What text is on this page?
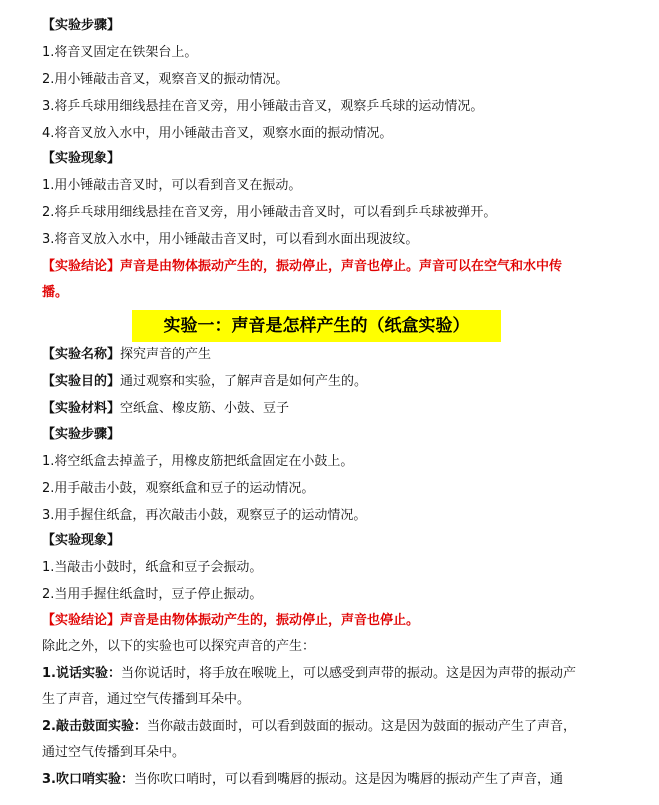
【实验步骤】
1.将音叉固定在铁架台上。
2.用小锤敲击音叉，观察音叉的振动情况。
3.将乒乓球用细线悬挂在音叉旁，用小锤敲击音叉，观察乒乓球的运动情况。
4.将音叉放入水中，用小锤敲击音叉，观察水面的振动情况。
【实验现象】
1.用小锤敲击音叉时，可以看到音叉在振动。
2.将乒乓球用细线悬挂在音叉旁，用小锤敲击音叉时，可以看到乒乓球被弹开。
3.将音叉放入水中，用小锤敲击音叉时，可以看到水面出现波纹。
【实验结论】声音是由物体振动产生的，振动停止，声音也停止。声音可以在空气和水中传
播。
实验一：声音是怎样产生的（纸盒实验）
【实验名称】探究声音的产生
【实验目的】通过观察和实验，了解声音是如何产生的。
【实验材料】空纸盒、橡皮筋、小鼓、豆子
【实验步骤】
1.将空纸盒去掉盖子，用橡皮筋把纸盒固定在小鼓上。
2.用手敲击小鼓，观察纸盒和豆子的运动情况。
3.用手握住纸盒，再次敲击小鼓，观察豆子的运动情况。
【实验现象】
1.当敲击小鼓时，纸盒和豆子会振动。
2.当用手握住纸盒时，豆子停止振动。
【实验结论】声音是由物体振动产生的，振动停止，声音也停止。
除此之外，以下的实验也可以探究声音的产生：
1.说话实验：当你说话时，将手放在喉咙上，可以感受到声带的振动。这是因为声带的振动产
生了声音，通过空气传播到耳朵中。
2.敲击鼓面实验：当你敲击鼓面时，可以看到鼓面的振动。这是因为鼓面的振动产生了声音，
通过空气传播到耳朵中。
3.吹口哨实验：当你吹口哨时，可以看到嘴唇的振动。这是因为嘴唇的振动产生了声音，通
